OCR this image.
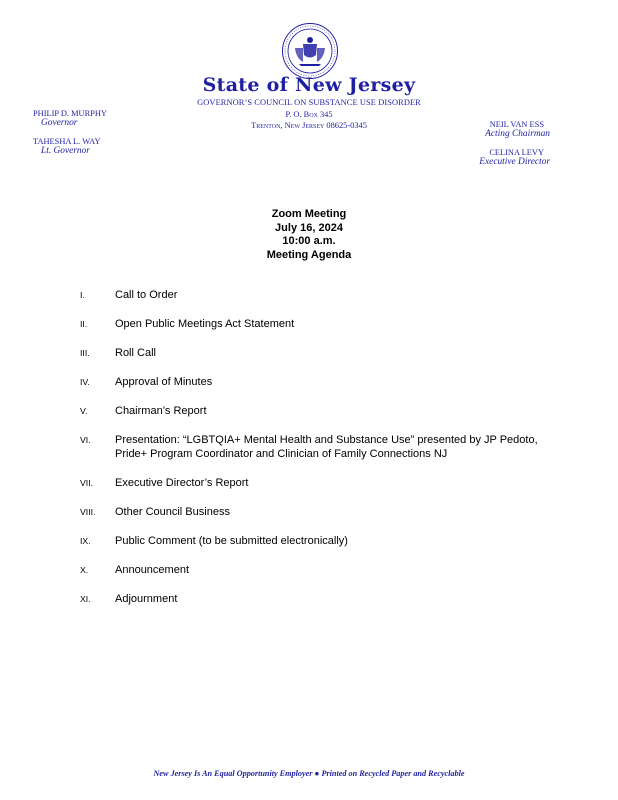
State of New Jersey
GOVERNOR’S COUNCIL ON SUBSTANCE USE DISORDER
P. O. Box 345
Trenton, New Jersey 08625-0345
PHILIP D. MURPHY
Governor
TAHESHA L. WAY
Lt. Governor
NEIL VAN ESS
Acting Chairman
CELINA LEVY
Executive Director
Zoom Meeting
July 16, 2024
10:00 a.m.
Meeting Agenda
I.	Call to Order
II.	Open Public Meetings Act Statement
III.	Roll Call
IV.	Approval of Minutes
V.	Chairman’s Report
VI.	Presentation: “LGBTQIA+ Mental Health and Substance Use” presented by JP Pedoto, Pride+ Program Coordinator and Clinician of Family Connections NJ
VII.	Executive Director’s Report
VIII.	Other Council Business
IX.	Public Comment (to be submitted electronically)
X.	Announcement
XI.	Adjournment
New Jersey Is An Equal Opportunity Employer ● Printed on Recycled Paper and Recyclable
